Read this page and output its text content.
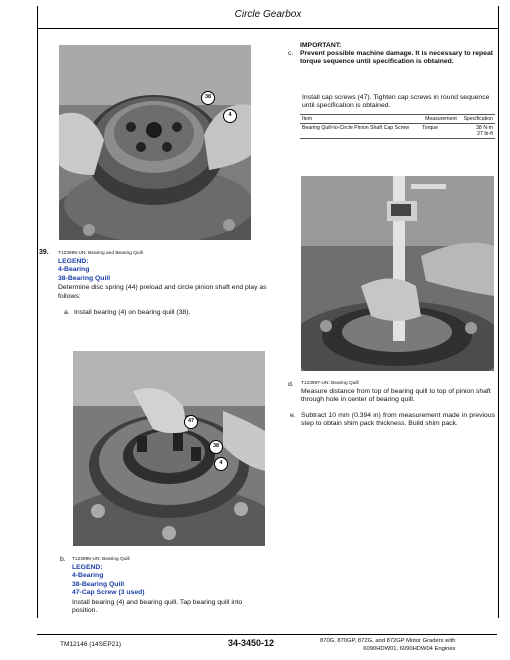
Circle Gearbox
38
4
39. T123995-UN: Bearing and Bearing Quill
LEGEND:
4-Bearing
38-Bearing Quill
Determine disc spring (44) preload and circle pinion shaft end play as follows:
a. Install bearing (4) on bearing quill (38).
47
38
4
b. T123996-UN: Bearing Quill
LEGEND:
4-Bearing
38-Bearing Quill
47-Cap Screw (3 used)
Install bearing (4) and bearing quill. Tap bearing quill into position.
c.
IMPORTANT:
Prevent possible machine damage. It is necessary to repeat torque sequence until specification is obtained.
Install cap screws (47). Tighten cap screws in round sequence until specification is obtained.
Item	Measurement	Specification
Bearing Quill-to-Circle Pinion Shaft Cap Screw	Torque	38 N·m
27 lb-ft
d. T123997-UN: Bearing Quill
Measure distance from top of bearing quill to top of pinion shaft through hole in center of bearing quill.
e. Subtract 10 mm (0.394 in) from measurement made in previous step to obtain shim pack thickness. Build shim pack.
TM12146 (14SEP21)	34-3450-12	870G, 870GP, 872G, and 872GP Motor Graders with
6090HDW01, 6090HDW04 Engines
